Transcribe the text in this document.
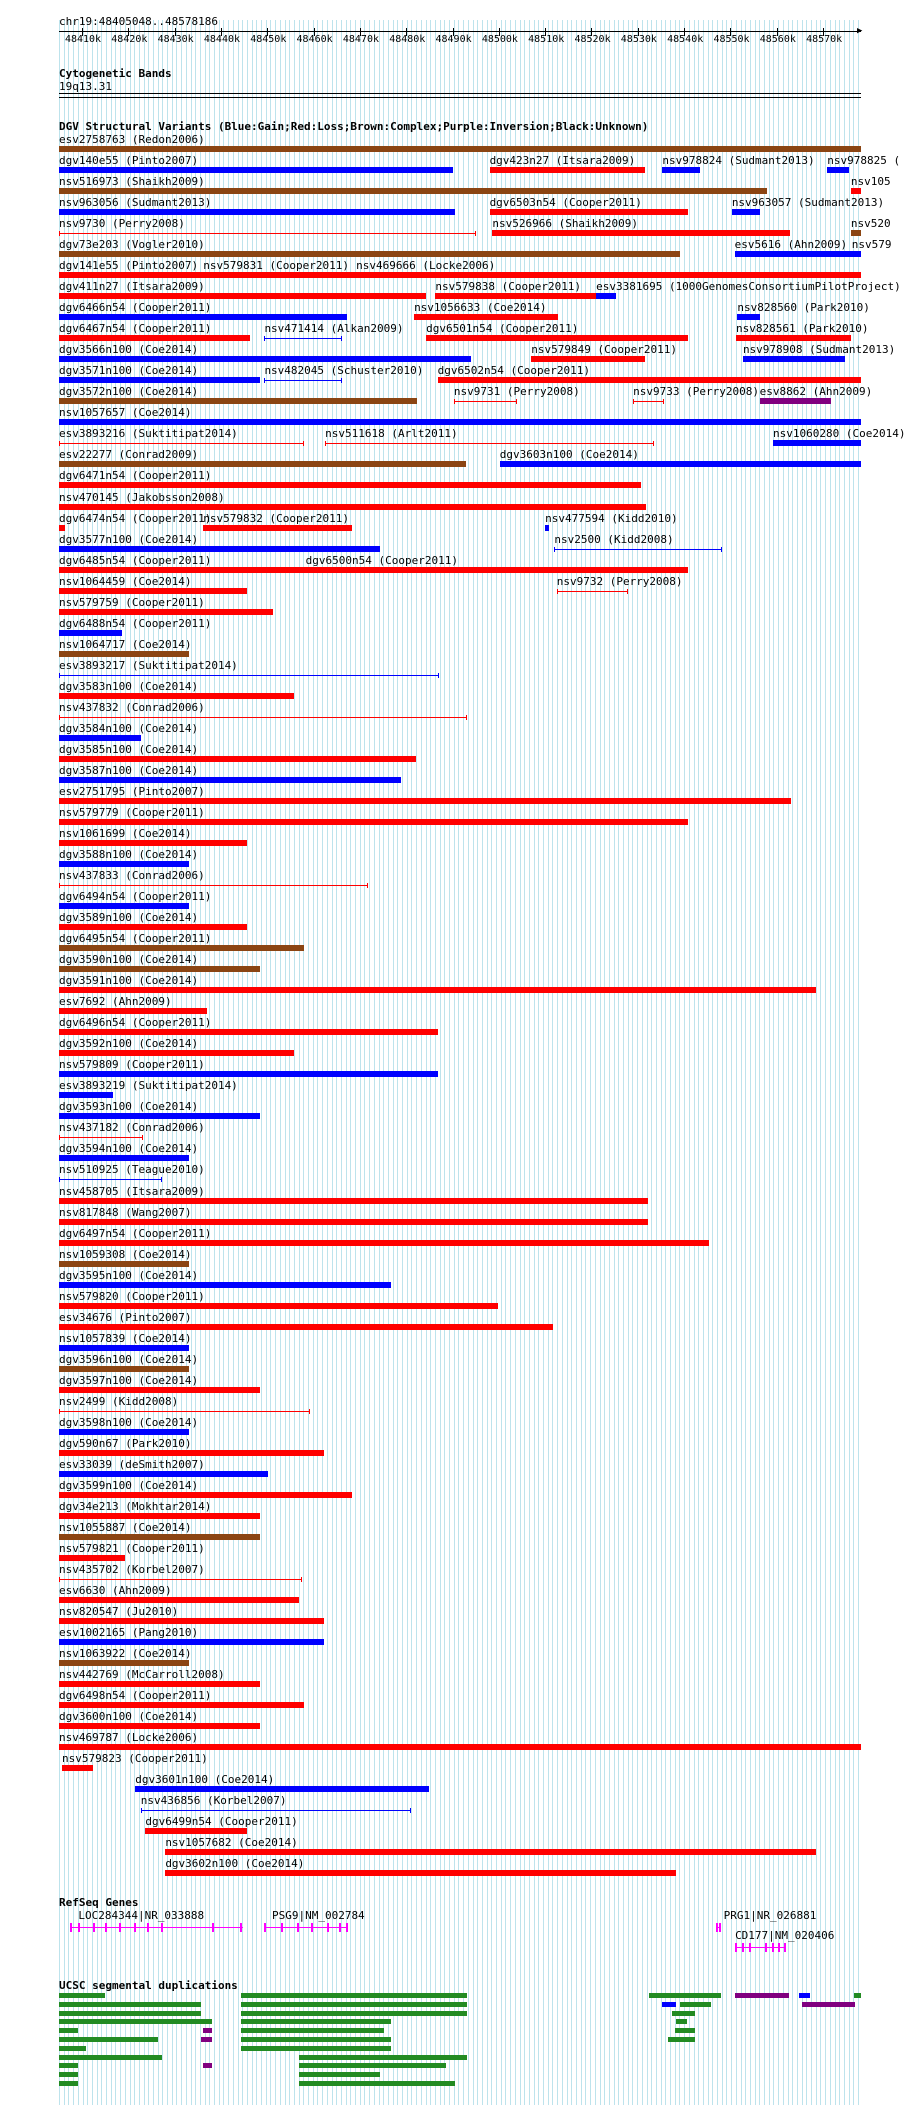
chr19:48405048..48578186
▶
48410k 48420k 48430k 48440k 48450k 48460k 48470k 48480k 48490k 48500k 48510k 48520k 48530k 48540k 48550k 48560k 48570k
Cytogenetic Bands
19q13.31
DGV Structural Variants (Blue:Gain;Red:Loss;Brown:Complex;Purple:Inversion;Black:Unknown)
esv2758763 (Redon2006)
dgv140e55 (Pinto2007)	dgv423n27 (Itsara2009) nsv978824 (Sudmant2013) nsv978825 (
nsv516973 (Shaikh2009)	nsv105
nsv963056 (Sudmant2013)	dgv6503n54 (Cooper2011)	nsv963057 (Sudmant2013)
nsv9730 (Perry2008)	nsv526966 (Shaikh2009)	nsv520
dgv73e203 (Vogler2010)	esv5616 (Ahn2009) nsv579
dgv141e55 (Pinto2007) nsv579831 (Cooper2011) nsv469666 (Locke2006)
dgv411n27 (Itsara2009)	nsv579838 (Cooper2011) esv3381695 (1000GenomesConsortiumPilotProject)
dgv6466n54 (Cooper2011)	nsv1056633 (Coe2014)	nsv828560 (Park2010)
dgv6467n54 (Cooper2011)	nsv471414 (Alkan2009) dgv6501n54 (Cooper2011)	nsv828561 (Park2010)
dgv3566n100 (Coe2014)	nsv579849 (Cooper2011)	nsv978908 (Sudmant2013)
dgv3571n100 (Coe2014)	nsv482045 (Schuster2010) dgv6502n54 (Cooper2011)
dgv3572n100 (Coe2014)	nsv9731 (Perry2008)	nsv9733 (Perry2008) esv8862 (Ahn2009)
nsv1057657 (Coe2014)
esv3893216 (Suktitipat2014)	nsv511618 (Arlt2011)	nsv1060280 (Coe2014)
esv22277 (Conrad2009)	dgv3603n100 (Coe2014)
dgv6471n54 (Cooper2011)
nsv470145 (Jakobsson2008)
dgv6474n54 (Cooper2011)
nsv579832 (Cooper2011)	nsv477594 (Kidd2010)
dgv3577n100 (Coe2014)	nsv2500 (Kidd2008)
dgv6485n54 (Cooper2011)	dgv6500n54 (Cooper2011)
nsv1064459 (Coe2014)	nsv9732 (Perry2008)
nsv579759 (Cooper2011)
dgv6488n54 (Cooper2011)
nsv1064717 (Coe2014)
esv3893217 (Suktitipat2014)
dgv3583n100 (Coe2014)
nsv437832 (Conrad2006)
dgv3584n100 (Coe2014)
dgv3585n100 (Coe2014)
dgv3587n100 (Coe2014)
esv2751795 (Pinto2007)
nsv579779 (Cooper2011)
nsv1061699 (Coe2014)
dgv3588n100 (Coe2014)
nsv437833 (Conrad2006)
dgv6494n54 (Cooper2011)
dgv3589n100 (Coe2014)
dgv6495n54 (Cooper2011)
dgv3590n100 (Coe2014)
dgv3591n100 (Coe2014)
esv7692 (Ahn2009)
dgv6496n54 (Cooper2011)
dgv3592n100 (Coe2014)
nsv579809 (Cooper2011)
esv3893219 (Suktitipat2014)
dgv3593n100 (Coe2014)
nsv437182 (Conrad2006)
dgv3594n100 (Coe2014)
nsv510925 (Teague2010)
nsv458705 (Itsara2009)
nsv817848 (Wang2007)
dgv6497n54 (Cooper2011)
nsv1059308 (Coe2014)
dgv3595n100 (Coe2014)
nsv579820 (Cooper2011)
esv34676 (Pinto2007)
nsv1057839 (Coe2014)
dgv3596n100 (Coe2014)
dgv3597n100 (Coe2014)
nsv2499 (Kidd2008)
dgv3598n100 (Coe2014)
dgv590n67 (Park2010)
esv33039 (deSmith2007)
dgv3599n100 (Coe2014)
dgv34e213 (Mokhtar2014)
nsv1055887 (Coe2014)
nsv579821 (Cooper2011)
nsv435702 (Korbel2007)
esv6630 (Ahn2009)
nsv820547 (Ju2010)
esv1002165 (Pang2010)
nsv1063922 (Coe2014)
nsv442769 (McCarroll2008)
dgv6498n54 (Cooper2011)
dgv3600n100 (Coe2014)
nsv469787 (Locke2006)
nsv579823 (Cooper2011)
dgv3601n100 (Coe2014)
nsv436856 (Korbel2007)
dgv6499n54 (Cooper2011)
nsv1057682 (Coe2014)
dgv3602n100 (Coe2014)
RefSeq Genes
LOC284344|NR_033888	PSG9|NM_002784	PRG1|NR_026881
CD177|NM_020406
UCSC segmental duplications
